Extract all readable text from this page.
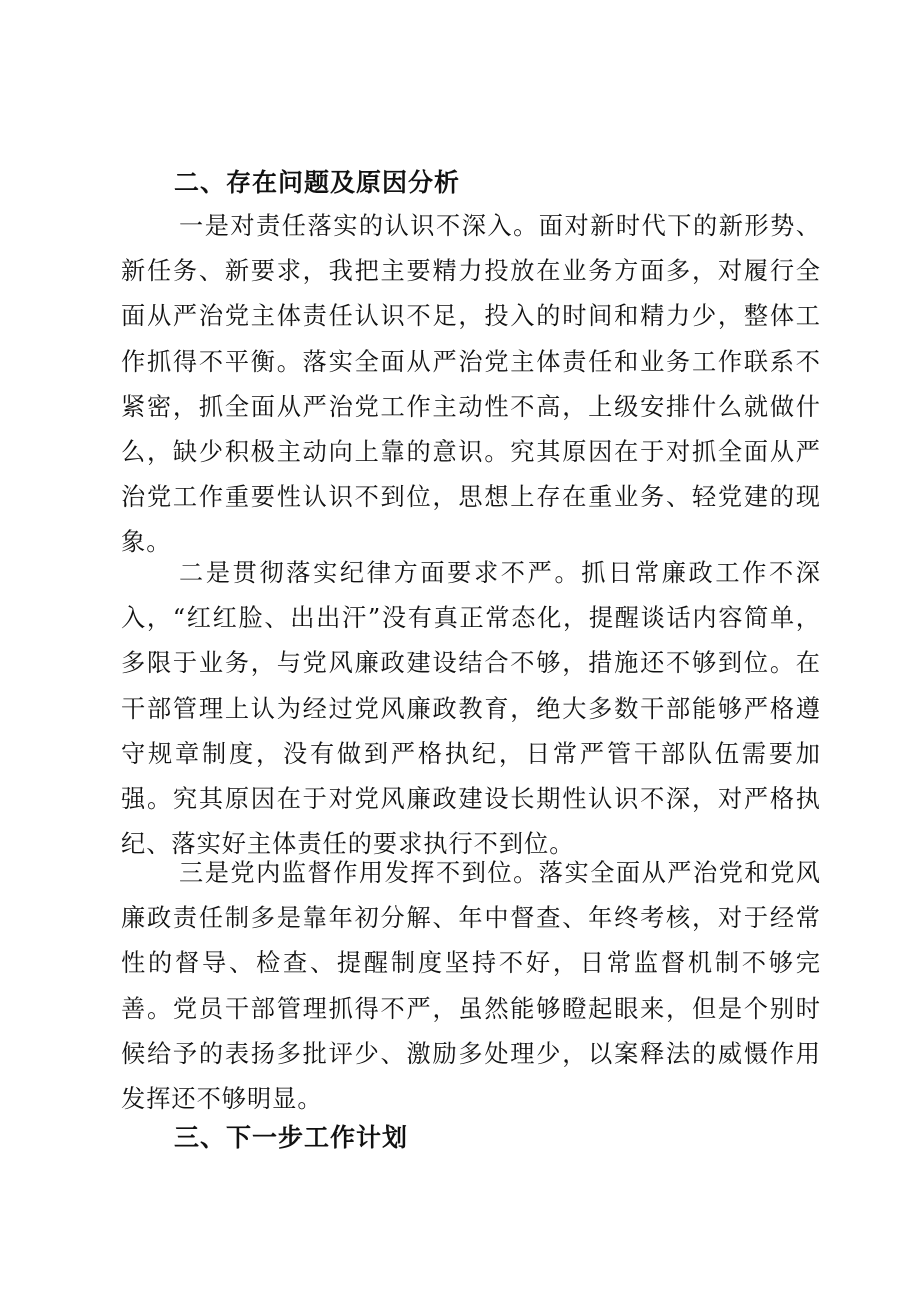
二、存在问题及原因分析

一是对责任落实的认识不深入。面对新时代下的新形势、新任务、新要求，我把主要精力投放在业务方面多，对履行全面从严治党主体责任认识不足，投入的时间和精力少，整体工作抓得不平衡。落实全面从严治党主体责任和业务工作联系不紧密，抓全面从严治党工作主动性不高，上级安排什么就做什么，缺少积极主动向上靠的意识。究其原因在于对抓全面从严治党工作重要性认识不到位，思想上存在重业务、轻党建的现象。

二是贯彻落实纪律方面要求不严。抓日常廉政工作不深入，“红红脸、出出汗”没有真正常态化，提醒谈话内容简单，多限于业务，与党风廉政建设结合不够，措施还不够到位。在干部管理上认为经过党风廉政教育，绝大多数干部能够严格遵守规章制度，没有做到严格执纪，日常严管干部队伍需要加强。究其原因在于对党风廉政建设长期性认识不深，对严格执纪、落实好主体责任的要求执行不到位。

三是党内监督作用发挥不到位。落实全面从严治党和党风廉政责任制多是靠年初分解、年中督查、年终考核，对于经常性的督导、检查、提醒制度坚持不好，日常监督机制不够完善。党员干部管理抓得不严，虽然能够瞪起眼来，但是个别时候给予的表扬多批评少、激励多处理少，以案释法的威慑作用发挥还不够明显。

三、下一步工作计划
